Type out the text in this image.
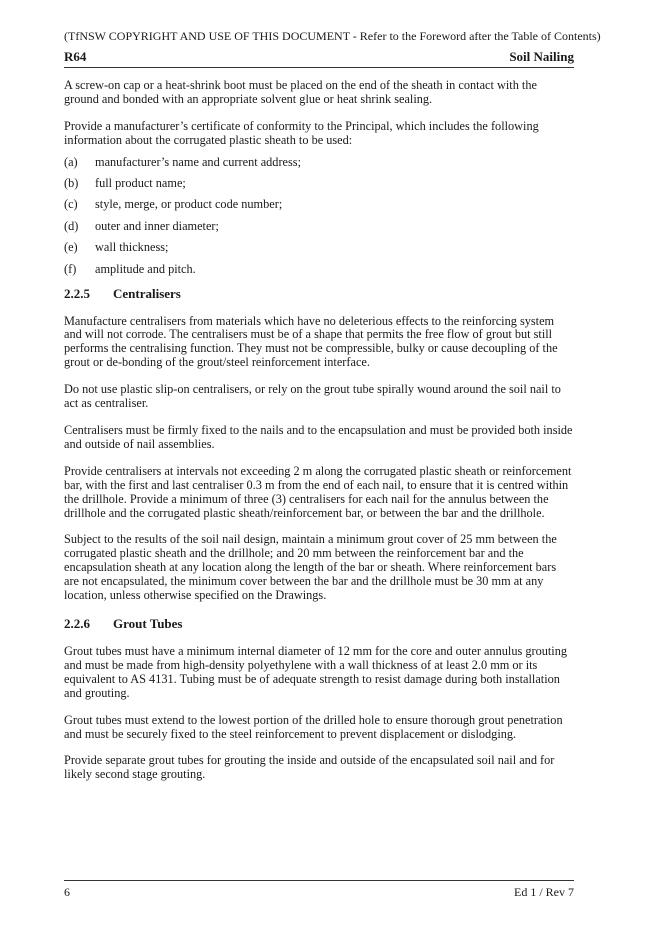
(TfNSW COPYRIGHT AND USE OF THIS DOCUMENT - Refer to the Foreword after the Table of Contents)
R64	Soil Nailing

A screw-on cap or a heat-shrink boot must be placed on the end of the sheath in contact with the ground and bonded with an appropriate solvent glue or heat shrink sealing.

Provide a manufacturer’s certificate of conformity to the Principal, which includes the following information about the corrugated plastic sheath to be used:

(a) manufacturer’s name and current address;
(b) full product name;
(c) style, merge, or product code number;
(d) outer and inner diameter;
(e) wall thickness;
(f) amplitude and pitch.
2.2.5 Centralisers

Manufacture centralisers from materials which have no deleterious effects to the reinforcing system and will not corrode. The centralisers must be of a shape that permits the free flow of grout but still performs the centralising function. They must not be compressible, bulky or cause decoupling of the grout or de-bonding of the grout/steel reinforcement interface.

Do not use plastic slip-on centralisers, or rely on the grout tube spirally wound around the soil nail to act as centraliser.

Centralisers must be firmly fixed to the nails and to the encapsulation and must be provided both inside and outside of nail assemblies.

Provide centralisers at intervals not exceeding 2 m along the corrugated plastic sheath or reinforcement bar, with the first and last centraliser 0.3 m from the end of each nail, to ensure that it is centred within the drillhole. Provide a minimum of three (3) centralisers for each nail for the annulus between the drillhole and the corrugated plastic sheath/reinforcement bar, or between the bar and the drillhole.

Subject to the results of the soil nail design, maintain a minimum grout cover of 25 mm between the corrugated plastic sheath and the drillhole; and 20 mm between the reinforcement bar and the encapsulation sheath at any location along the length of the bar or sheath. Where reinforcement bars are not encapsulated, the minimum cover between the bar and the drillhole must be 30 mm at any location, unless otherwise specified on the Drawings.

2.2.6 Grout Tubes

Grout tubes must have a minimum internal diameter of 12 mm for the core and outer annulus grouting and must be made from high-density polyethylene with a wall thickness of at least 2.0 mm or its equivalent to AS 4131. Tubing must be of adequate strength to resist damage during both installation and grouting.

Grout tubes must extend to the lowest portion of the drilled hole to ensure thorough grout penetration and must be securely fixed to the steel reinforcement to prevent displacement or dislodging.

Provide separate grout tubes for grouting the inside and outside of the encapsulated soil nail and for likely second stage grouting.

6	Ed 1 / Rev 7
